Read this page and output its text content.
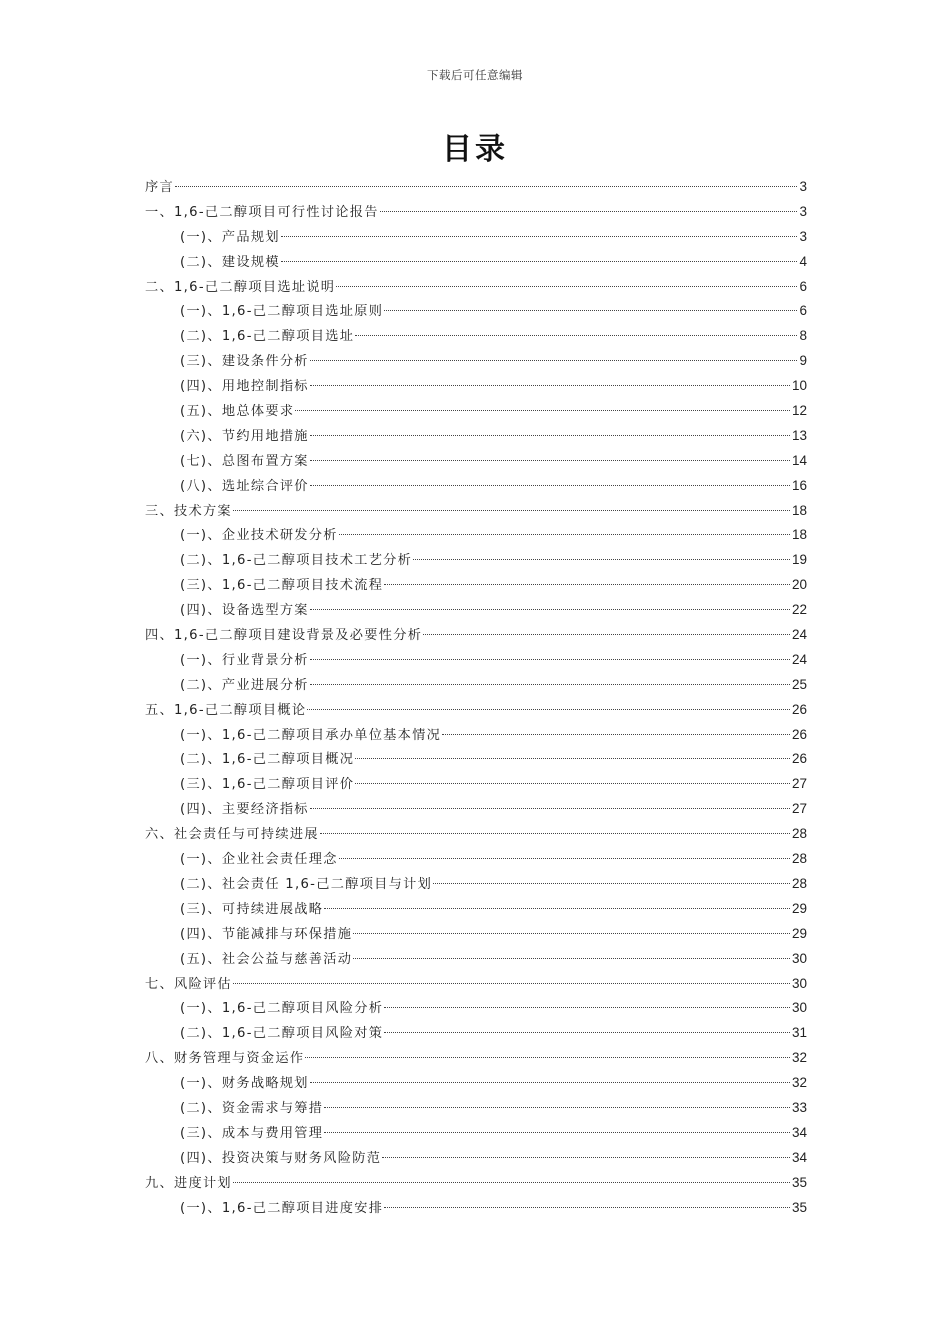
下载后可任意编辑
目录
序言	3
一、1,6-己二醇项目可行性讨论报告	3
(一)、产品规划	3
(二)、建设规模	4
二、1,6-己二醇项目选址说明	6
(一)、1,6-己二醇项目选址原则	6
(二)、1,6-己二醇项目选址	8
(三)、建设条件分析	9
(四)、用地控制指标	10
(五)、地总体要求	12
(六)、节约用地措施	13
(七)、总图布置方案	14
(八)、选址综合评价	16
三、技术方案	18
(一)、企业技术研发分析	18
(二)、1,6-己二醇项目技术工艺分析	19
(三)、1,6-己二醇项目技术流程	20
(四)、设备选型方案	22
四、1,6-己二醇项目建设背景及必要性分析	24
(一)、行业背景分析	24
(二)、产业进展分析	25
五、1,6-己二醇项目概论	26
(一)、1,6-己二醇项目承办单位基本情况	26
(二)、1,6-己二醇项目概况	26
(三)、1,6-己二醇项目评价	27
(四)、主要经济指标	27
六、社会责任与可持续进展	28
(一)、企业社会责任理念	28
(二)、社会责任 1,6-己二醇项目与计划	28
(三)、可持续进展战略	29
(四)、节能减排与环保措施	29
(五)、社会公益与慈善活动	30
七、风险评估	30
(一)、1,6-己二醇项目风险分析	30
(二)、1,6-己二醇项目风险对策	31
八、财务管理与资金运作	32
(一)、财务战略规划	32
(二)、资金需求与筹措	33
(三)、成本与费用管理	34
(四)、投资决策与财务风险防范	34
九、进度计划	35
(一)、1,6-己二醇项目进度安排	35
